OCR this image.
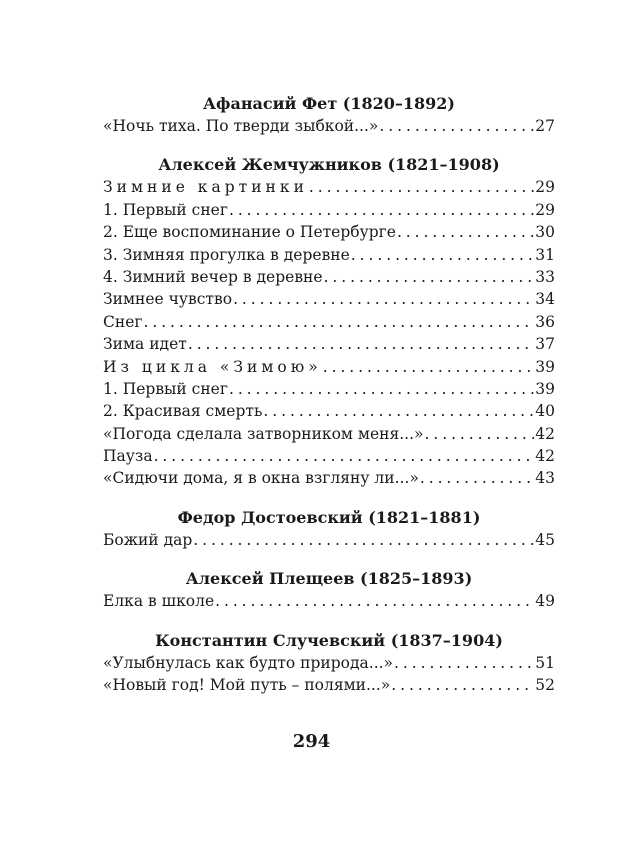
Афанасий Фет (1820–1892)
«Ночь тиха. По тверди зыбкой...» . . .	27
Алексей Жемчужников (1821–1908)
Зимние картинки . . .	29
1. Первый снег . . .	29
2. Еще воспоминание о Петербурге . . .	30
3. Зимняя прогулка в деревне . . .	31
4. Зимний вечер в деревне . . .	33
Зимнее чувство . . .	34
Снег . . .	36
Зима идет . . .	37
Из цикла «Зимою» . . .	39
1. Первый снег . . .	39
2. Красивая смерть . . .	40
«Погода сделала затворником меня...» . . .	42
Пауза . . .	42
«Сидючи дома, я в окна взгляну ли...» . . .	43
Федор Достоевский (1821–1881)
Божий дар . . .	45
Алексей Плещеев (1825–1893)
Елка в школе . . .	49
Константин Случевский (1837–1904)
«Улыбнулась как будто природа...» . . .	51
«Новый год! Мой путь – полями...» . . .	52
294
